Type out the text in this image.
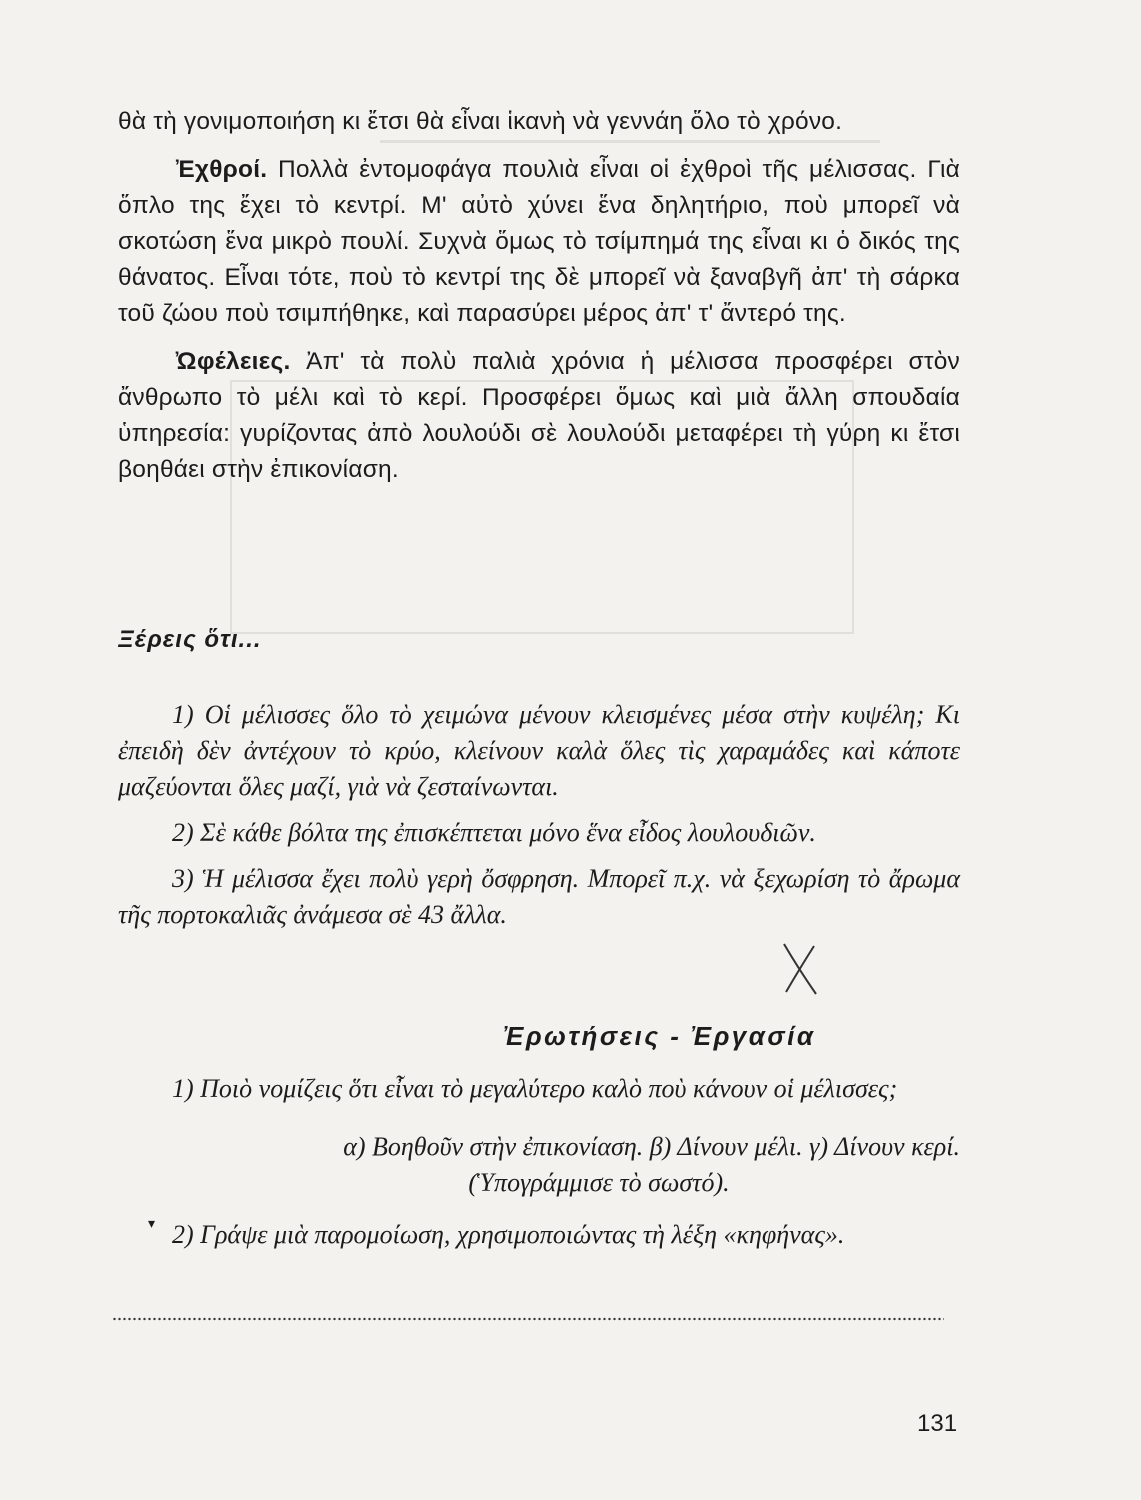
θὰ τὴ γονιμοποιήση κι ἔτσι θὰ εἶναι ἱκανὴ νὰ γεννάη ὅλο τὸ χρόνο.

Ἐχθροί. Πολλὰ ἐντομοφάγα πουλιὰ εἶναι οἱ ἐχθροὶ τῆς μέλισσας. Γιὰ ὅπλο της ἔχει τὸ κεντρί. Μ' αὐτὸ χύνει ἕνα δηλητήριο, ποὺ μπορεῖ νὰ σκοτώση ἕνα μικρὸ πουλί. Συχνὰ ὅμως τὸ τσίμπημά της εἶναι κι ὁ δικός της θάνατος. Εἶναι τότε, ποὺ τὸ κεντρί της δὲ μπορεῖ νὰ ξαναβγῆ ἀπ' τὴ σάρκα τοῦ ζώου ποὺ τσιμπήθηκε, καὶ παρασύρει μέρος ἀπ' τ' ἄντερό της.

Ὠφέλειες. Ἀπ' τὰ πολὺ παλιὰ χρόνια ἡ μέλισσα προσφέρει στὸν ἄνθρωπο τὸ μέλι καὶ τὸ κερί. Προσφέρει ὅμως καὶ μιὰ ἄλλη σπουδαία ὑπηρεσία: γυρίζοντας ἀπὸ λουλούδι σὲ λουλούδι μεταφέρει τὴ γύρη κι ἔτσι βοηθάει στὴν ἐπικονίαση.

Ξέρεις ὅτι...

1) Οἱ μέλισσες ὅλο τὸ χειμώνα μένουν κλεισμένες μέσα στὴν κυψέλη; Κι ἐπειδὴ δὲν ἀντέχουν τὸ κρύο, κλείνουν καλὰ ὅλες τὶς χαραμάδες καὶ κάποτε μαζεύονται ὅλες μαζί, γιὰ νὰ ζεσταίνωνται.

2) Σὲ κάθε βόλτα της ἐπισκέπτεται μόνο ἕνα εἶδος λουλουδιῶν.

3) Ἡ μέλισσα ἔχει πολὺ γερὴ ὄσφρηση. Μπορεῖ π.χ. νὰ ξεχωρίση τὸ ἄρωμα τῆς πορτοκαλιᾶς ἀνάμεσα σὲ 43 ἄλλα.

Ἐρωτήσεις - Ἐργασία

1) Ποιὸ νομίζεις ὅτι εἶναι τὸ μεγαλύτερο καλὸ ποὺ κάνουν οἱ μέλισσες;

α) Βοηθοῦν στὴν ἐπικονίαση. β) Δίνουν μέλι. γ) Δίνουν κερί.

(Ὑπογράμμισε τὸ σωστό).

2) Γράψε μιὰ παρομοίωση, χρησιμοποιώντας τὴ λέξη «κηφήνας».

▾
131
